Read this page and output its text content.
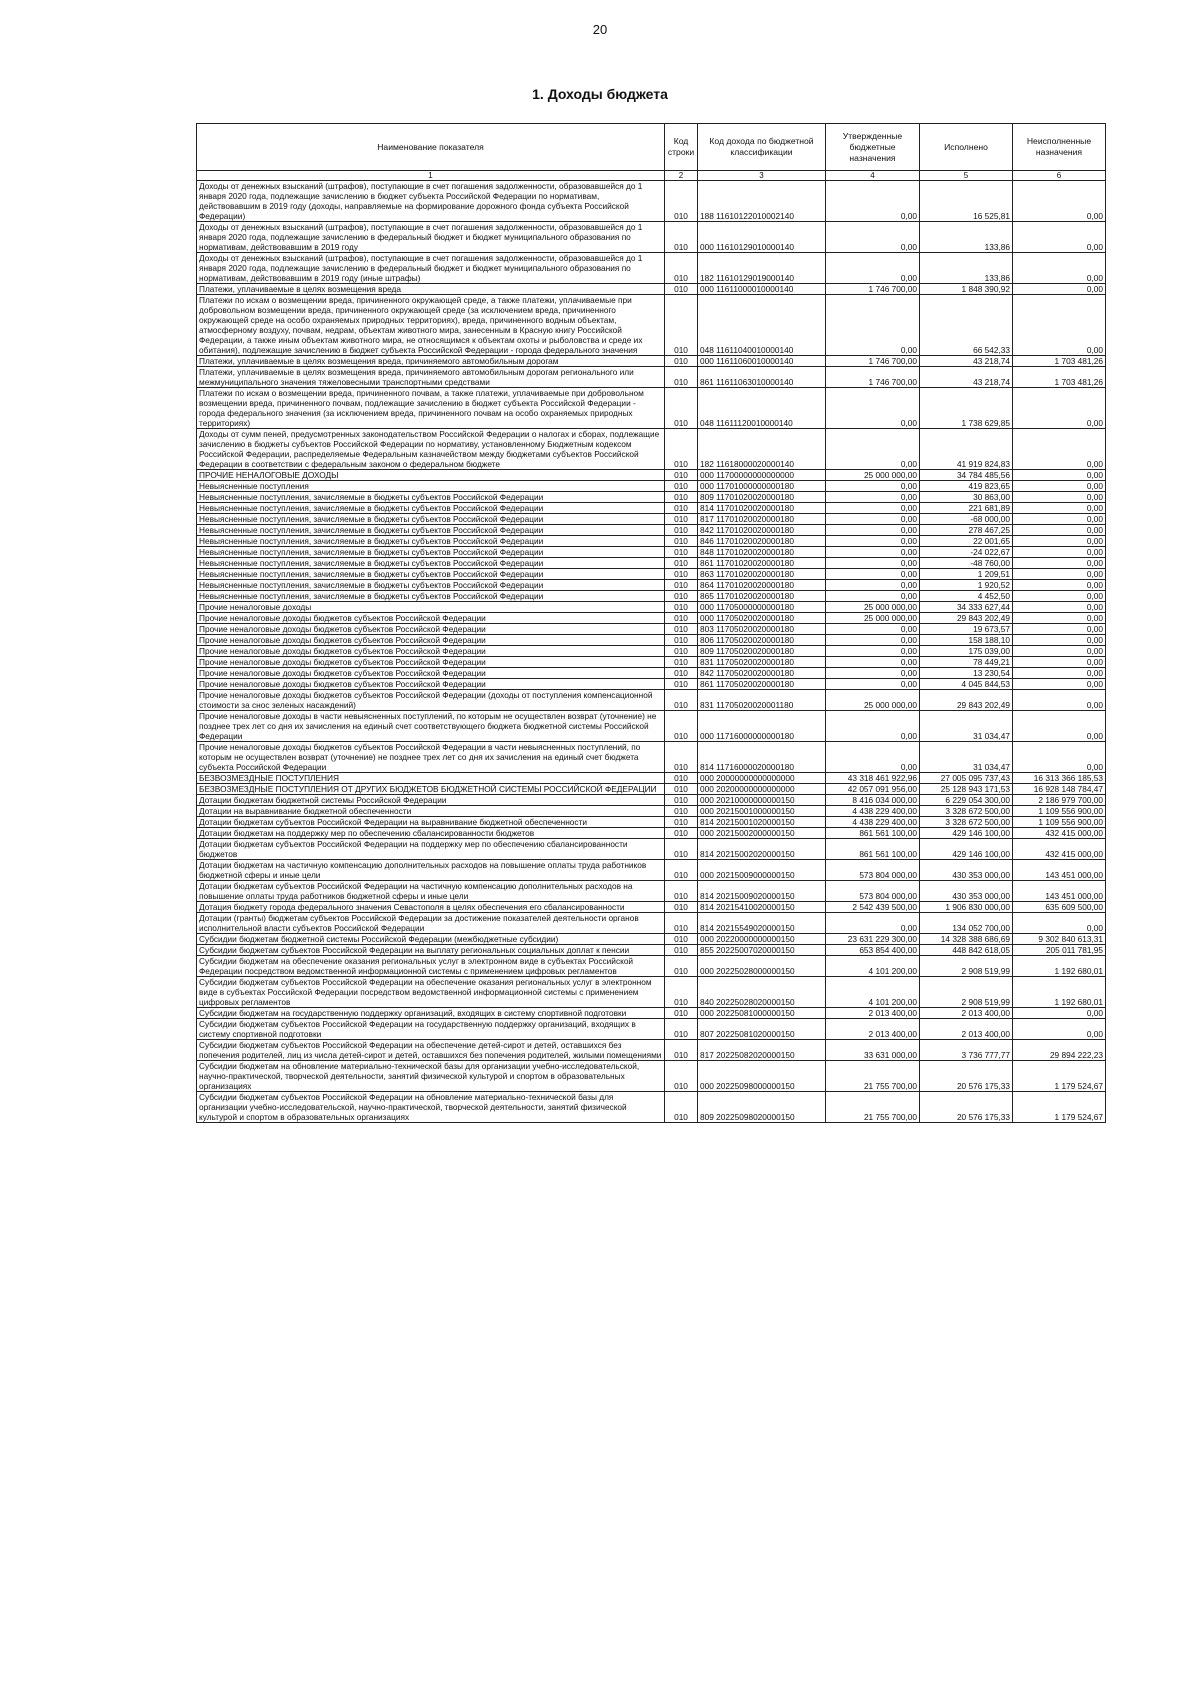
20
1. Доходы бюджета
Наименование показателя	Код строки	Код дохода по бюджетной классификации	Утвержденные бюджетные назначения	Исполнено	Неисполненные назначения
1	2	3	4	5	6
Доходы от денежных взысканий (штрафов), поступающие в счет погашения задолженности, образовавшейся до 1 января 2020 года, подлежащие зачислению в бюджет субъекта Российской Федерации по нормативам, действовавшим в 2019 году (доходы, направляемые на формирование дорожного фонда субъекта Российской Федерации)	010	188 11610122010002140	0,00	16 525,81	0,00
Доходы от денежных взысканий (штрафов), поступающие в счет погашения задолженности, образовавшейся до 1 января 2020 года, подлежащие зачислению в федеральный бюджет и бюджет муниципального образования по нормативам, действовавшим в 2019 году	010	000 11610129010000140	0,00	133,86	0,00
Доходы от денежных взысканий (штрафов), поступающие в счет погашения задолженности, образовавшейся до 1 января 2020 года, подлежащие зачислению в федеральный бюджет и бюджет муниципального образования по нормативам, действовавшим в 2019 году (иные штрафы)	010	182 11610129019000140	0,00	133,86	0,00
Платежи, уплачиваемые в целях возмещения вреда	010	000 11611000010000140	1 746 700,00	1 848 390,92	0,00
Платежи по искам о возмещении вреда, причиненного окружающей среде, а также платежи, уплачиваемые при добровольном возмещении вреда, причиненного окружающей среде (за исключением вреда, причиненного окружающей среде на особо охраняемых природных территориях), вреда, причиненного водным объектам, атмосферному воздуху, почвам, недрам, объектам животного мира, занесенным в Красную книгу Российской Федерации, а также иным объектам животного мира, не относящимся к объектам охоты и рыболовства и среде их обитания), подлежащие зачислению в бюджет субъекта Российской Федерации - города федерального значения	010	048 11611040010000140	0,00	66 542,33	0,00
Платежи, уплачиваемые в целях возмещения вреда, причиняемого автомобильным дорогам	010	000 11611060010000140	1 746 700,00	43 218,74	1 703 481,26
Платежи, уплачиваемые в целях возмещения вреда, причиняемого автомобильным дорогам регионального или межмуниципального значения тяжеловесными транспортными средствами	010	861 11611063010000140	1 746 700,00	43 218,74	1 703 481,26
Платежи по искам о возмещении вреда, причиненного почвам, а также платежи, уплачиваемые при добровольном возмещении вреда, причиненного почвам, подлежащие зачислению в бюджет субъекта Российской Федерации - города федерального значения (за исключением вреда, причиненного почвам на особо охраняемых природных территориях)	010	048 11611120010000140	0,00	1 738 629,85	0,00
Доходы от сумм пеней, предусмотренных законодательством Российской Федерации о налогах и сборах, подлежащие зачислению в бюджеты субъектов Российской Федерации по нормативу, установленному Бюджетным кодексом Российской Федерации, распределяемые Федеральным казначейством между бюджетами субъектов Российской Федерации в соответствии с федеральным законом о федеральном бюджете	010	182 11618000020000140	0,00	41 919 824,83	0,00
ПРОЧИЕ НЕНАЛОГОВЫЕ ДОХОДЫ	010	000 11700000000000000	25 000 000,00	34 784 485,56	0,00
Невыясненные поступления	010	000 11701000000000180	0,00	419 823,65	0,00
Невыясненные поступления, зачисляемые в бюджеты субъектов Российской Федерации	010	809 11701020020000180	0,00	30 863,00	0,00
Невыясненные поступления, зачисляемые в бюджеты субъектов Российской Федерации	010	814 11701020020000180	0,00	221 681,89	0,00
Невыясненные поступления, зачисляемые в бюджеты субъектов Российской Федерации	010	817 11701020020000180	0,00	-68 000,00	0,00
Невыясненные поступления, зачисляемые в бюджеты субъектов Российской Федерации	010	842 11701020020000180	0,00	278 467,25	0,00
Невыясненные поступления, зачисляемые в бюджеты субъектов Российской Федерации	010	846 11701020020000180	0,00	22 001,65	0,00
Невыясненные поступления, зачисляемые в бюджеты субъектов Российской Федерации	010	848 11701020020000180	0,00	-24 022,67	0,00
Невыясненные поступления, зачисляемые в бюджеты субъектов Российской Федерации	010	861 11701020020000180	0,00	-48 760,00	0,00
Невыясненные поступления, зачисляемые в бюджеты субъектов Российской Федерации	010	863 11701020020000180	0,00	1 209,51	0,00
Невыясненные поступления, зачисляемые в бюджеты субъектов Российской Федерации	010	864 11701020020000180	0,00	1 920,52	0,00
Невыясненные поступления, зачисляемые в бюджеты субъектов Российской Федерации	010	865 11701020020000180	0,00	4 452,50	0,00
Прочие неналоговые доходы	010	000 11705000000000180	25 000 000,00	34 333 627,44	0,00
Прочие неналоговые доходы бюджетов субъектов Российской Федерации	010	000 11705020020000180	25 000 000,00	29 843 202,49	0,00
Прочие неналоговые доходы бюджетов субъектов Российской Федерации	010	803 11705020020000180	0,00	19 673,57	0,00
Прочие неналоговые доходы бюджетов субъектов Российской Федерации	010	806 11705020020000180	0,00	158 188,10	0,00
Прочие неналоговые доходы бюджетов субъектов Российской Федерации	010	809 11705020020000180	0,00	175 039,00	0,00
Прочие неналоговые доходы бюджетов субъектов Российской Федерации	010	831 11705020020000180	0,00	78 449,21	0,00
Прочие неналоговые доходы бюджетов субъектов Российской Федерации	010	842 11705020020000180	0,00	13 230,54	0,00
Прочие неналоговые доходы бюджетов субъектов Российской Федерации	010	861 11705020020000180	0,00	4 045 844,53	0,00
Прочие неналоговые доходы бюджетов субъектов Российской Федерации (доходы от поступления компенсационной стоимости за снос зеленых насаждений)	010	831 11705020020001180	25 000 000,00	29 843 202,49	0,00
Прочие неналоговые доходы в части невыясненных поступлений, по которым не осуществлен возврат (уточнение) не позднее трех лет со дня их зачисления на единый счет соответствующего бюджета бюджетной системы Российской Федерации	010	000 11716000000000180	0,00	31 034,47	0,00
Прочие неналоговые доходы бюджетов субъектов Российской Федерации в части невыясненных поступлений, по которым не осуществлен возврат (уточнение) не позднее трех лет со дня их зачисления на единый счет бюджета субъекта Российской Федерации	010	814 11716000020000180	0,00	31 034,47	0,00
БЕЗВОЗМЕЗДНЫЕ ПОСТУПЛЕНИЯ	010	000 20000000000000000	43 318 461 922,96	27 005 095 737,43	16 313 366 185,53
БЕЗВОЗМЕЗДНЫЕ ПОСТУПЛЕНИЯ ОТ ДРУГИХ БЮДЖЕТОВ БЮДЖЕТНОЙ СИСТЕМЫ РОССИЙСКОЙ ФЕДЕРАЦИИ	010	000 20200000000000000	42 057 091 956,00	25 128 943 171,53	16 928 148 784,47
Дотации бюджетам бюджетной системы Российской Федерации	010	000 20210000000000150	8 416 034 000,00	6 229 054 300,00	2 186 979 700,00
Дотации на выравнивание бюджетной обеспеченности	010	000 20215001000000150	4 438 229 400,00	3 328 672 500,00	1 109 556 900,00
Дотации бюджетам субъектов Российской Федерации на выравнивание бюджетной обеспеченности	010	814 20215001020000150	4 438 229 400,00	3 328 672 500,00	1 109 556 900,00
Дотации бюджетам на поддержку мер по обеспечению сбалансированности бюджетов	010	000 20215002000000150	861 561 100,00	429 146 100,00	432 415 000,00
Дотации бюджетам субъектов Российской Федерации на поддержку мер по обеспечению сбалансированности бюджетов	010	814 20215002020000150	861 561 100,00	429 146 100,00	432 415 000,00
Дотации бюджетам на частичную компенсацию дополнительных расходов на повышение оплаты труда работников бюджетной сферы и иные цели	010	000 20215009000000150	573 804 000,00	430 353 000,00	143 451 000,00
Дотации бюджетам субъектов Российской Федерации на частичную компенсацию дополнительных расходов на повышение оплаты труда работников бюджетной сферы и иные цели	010	814 20215009020000150	573 804 000,00	430 353 000,00	143 451 000,00
Дотация бюджету города федерального значения Севастополя в целях обеспечения его сбалансированности	010	814 20215410020000150	2 542 439 500,00	1 906 830 000,00	635 609 500,00
Дотации (гранты) бюджетам субъектов Российской Федерации за достижение показателей деятельности органов исполнительной власти субъектов Российской Федерации	010	814 20215549020000150	0,00	134 052 700,00	0,00
Субсидии бюджетам бюджетной системы Российской Федерации (межбюджетные субсидии)	010	000 20220000000000150	23 631 229 300,00	14 328 388 686,69	9 302 840 613,31
Субсидии бюджетам субъектов Российской Федерации на выплату региональных социальных доплат к пенсии	010	855 20225007020000150	653 854 400,00	448 842 618,05	205 011 781,95
Субсидии бюджетам на обеспечение оказания региональных услуг в электронном виде в субъектах Российской Федерации посредством ведомственной информационной системы с применением цифровых регламентов	010	000 20225028000000150	4 101 200,00	2 908 519,99	1 192 680,01
Субсидии бюджетам субъектов Российской Федерации на обеспечение оказания региональных услуг в электронном виде в субъектах Российской Федерации посредством ведомственной информационной системы с применением цифровых регламентов	010	840 20225028020000150	4 101 200,00	2 908 519,99	1 192 680,01
Субсидии бюджетам на государственную поддержку организаций, входящих в систему спортивной подготовки	010	000 20225081000000150	2 013 400,00	2 013 400,00	0,00
Субсидии бюджетам субъектов Российской Федерации на государственную поддержку организаций, входящих в систему спортивной подготовки	010	807 20225081020000150	2 013 400,00	2 013 400,00	0,00
Субсидии бюджетам субъектов Российской Федерации на обеспечение детей-сирот и детей, оставшихся без попечения родителей, лиц из числа детей-сирот и детей, оставшихся без попечения родителей, жилыми помещениями	010	817 20225082020000150	33 631 000,00	3 736 777,77	29 894 222,23
Субсидии бюджетам на обновление материально-технической базы для организации учебно-исследовательской, научно-практической, творческой деятельности, занятий физической культурой и спортом в образовательных организациях	010	000 20225098000000150	21 755 700,00	20 576 175,33	1 179 524,67
Субсидии бюджетам субъектов Российской Федерации на обновление материально-технической базы для организации учебно-исследовательской, научно-практической, творческой деятельности, занятий физической культурой и спортом в образовательных организациях	010	809 20225098020000150	21 755 700,00	20 576 175,33	1 179 524,67
